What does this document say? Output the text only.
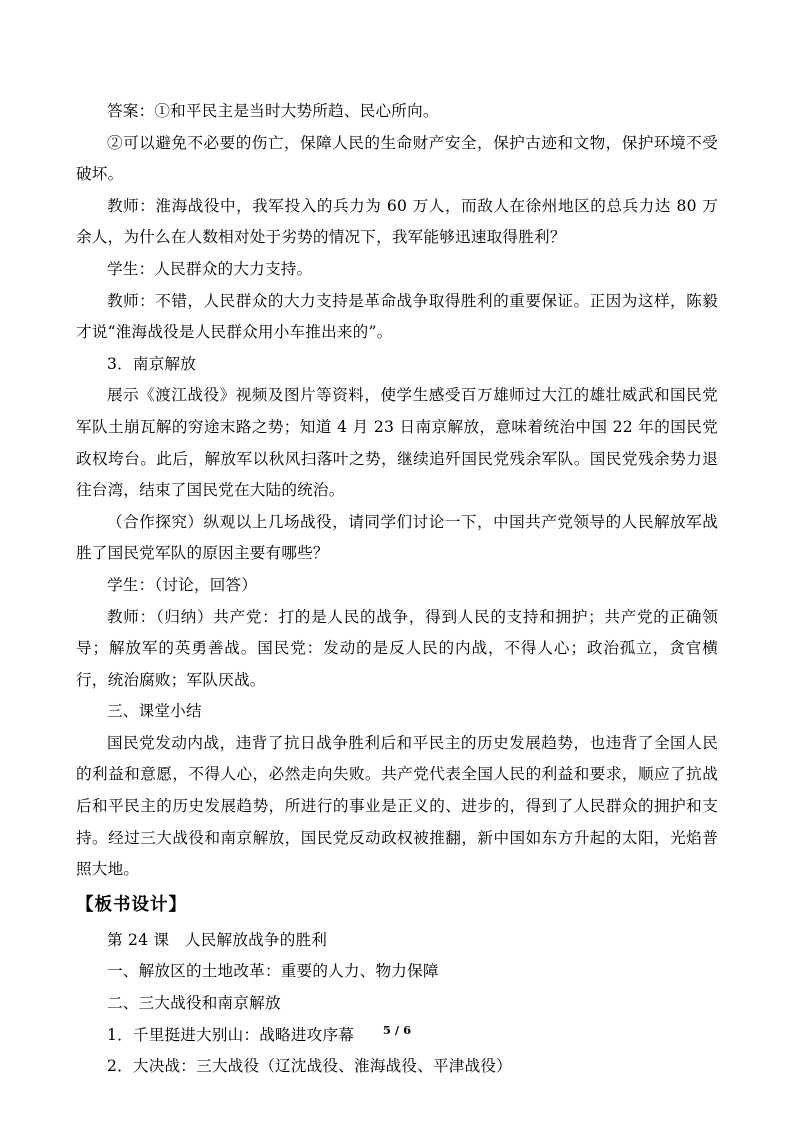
答案：①和平民主是当时大势所趋、民心所向。

②可以避免不必要的伤亡，保障人民的生命财产安全，保护古迹和文物，保护环境不受破坏。

教师：淮海战役中，我军投入的兵力为 60 万人，而敌人在徐州地区的总兵力达 80 万余人，为什么在人数相对处于劣势的情况下，我军能够迅速取得胜利？

学生：人民群众的大力支持。

教师：不错，人民群众的大力支持是革命战争取得胜利的重要保证。正因为这样，陈毅才说“淮海战役是人民群众用小车推出来的”。

3．南京解放

展示《渡江战役》视频及图片等资料，使学生感受百万雄师过大江的雄壮威武和国民党军队土崩瓦解的穷途末路之势；知道 4 月 23 日南京解放，意味着统治中国 22 年的国民党政权垮台。此后，解放军以秋风扫落叶之势，继续追歼国民党残余军队。国民党残余势力退往台湾，结束了国民党在大陆的统治。

（合作探究）纵观以上几场战役，请同学们讨论一下，中国共产党领导的人民解放军战胜了国民党军队的原因主要有哪些？

学生：（讨论，回答）

教师：（归纳）共产党：打的是人民的战争，得到人民的支持和拥护；共产党的正确领导；解放军的英勇善战。国民党：发动的是反人民的内战，不得人心；政治孤立，贪官横行，统治腐败；军队厌战。

三、课堂小结

国民党发动内战，违背了抗日战争胜利后和平民主的历史发展趋势，也违背了全国人民的利益和意愿，不得人心，必然走向失败。共产党代表全国人民的利益和要求，顺应了抗战后和平民主的历史发展趋势，所进行的事业是正义的、进步的，得到了人民群众的拥护和支持。经过三大战役和南京解放，国民党反动政权被推翻，新中国如东方升起的太阳，光焰普照大地。

【板书设计】

第 24 课　人民解放战争的胜利

一、解放区的土地改革：重要的人力、物力保障

二、三大战役和南京解放

1．千里挺进大别山：战略进攻序幕

2．大决战：三大战役（辽沈战役、淮海战役、平津战役）

5 / 6
